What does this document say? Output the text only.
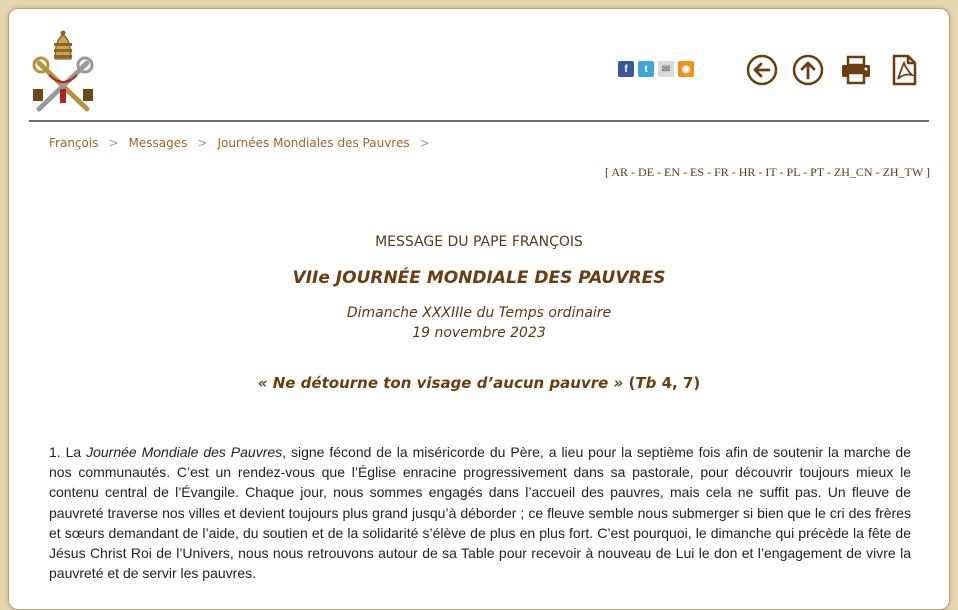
f	t	✉	◉
François > Messages > Journées Mondiales des Pauvres >
[ AR - DE - EN - ES - FR - HR - IT - PL - PT - ZH_CN - ZH_TW ]
MESSAGE DU PAPE FRANÇOIS
VIIe JOURNÉE MONDIALE DES PAUVRES
Dimanche XXXIIIe du Temps ordinaire
19 novembre 2023
« Ne détourne ton visage d’aucun pauvre » (Tb 4, 7)
1. La Journée Mondiale des Pauvres, signe fécond de la miséricorde du Père, a lieu pour la septième fois afin de soutenir la marche de nos communautés. C’est un rendez-vous que l’Église enracine progressivement dans sa pastorale, pour découvrir toujours mieux le contenu central de l’Évangile. Chaque jour, nous sommes engagés dans l’accueil des pauvres, mais cela ne suffit pas. Un fleuve de pauvreté traverse nos villes et devient toujours plus grand jusqu’à déborder ; ce fleuve semble nous submerger si bien que le cri des frères et sœurs demandant de l’aide, du soutien et de la solidarité s’élève de plus en plus fort. C’est pourquoi, le dimanche qui précède la fête de Jésus Christ Roi de l’Univers, nous nous retrouvons autour de sa Table pour recevoir à nouveau de Lui le don et l’engagement de vivre la pauvreté et de servir les pauvres.
